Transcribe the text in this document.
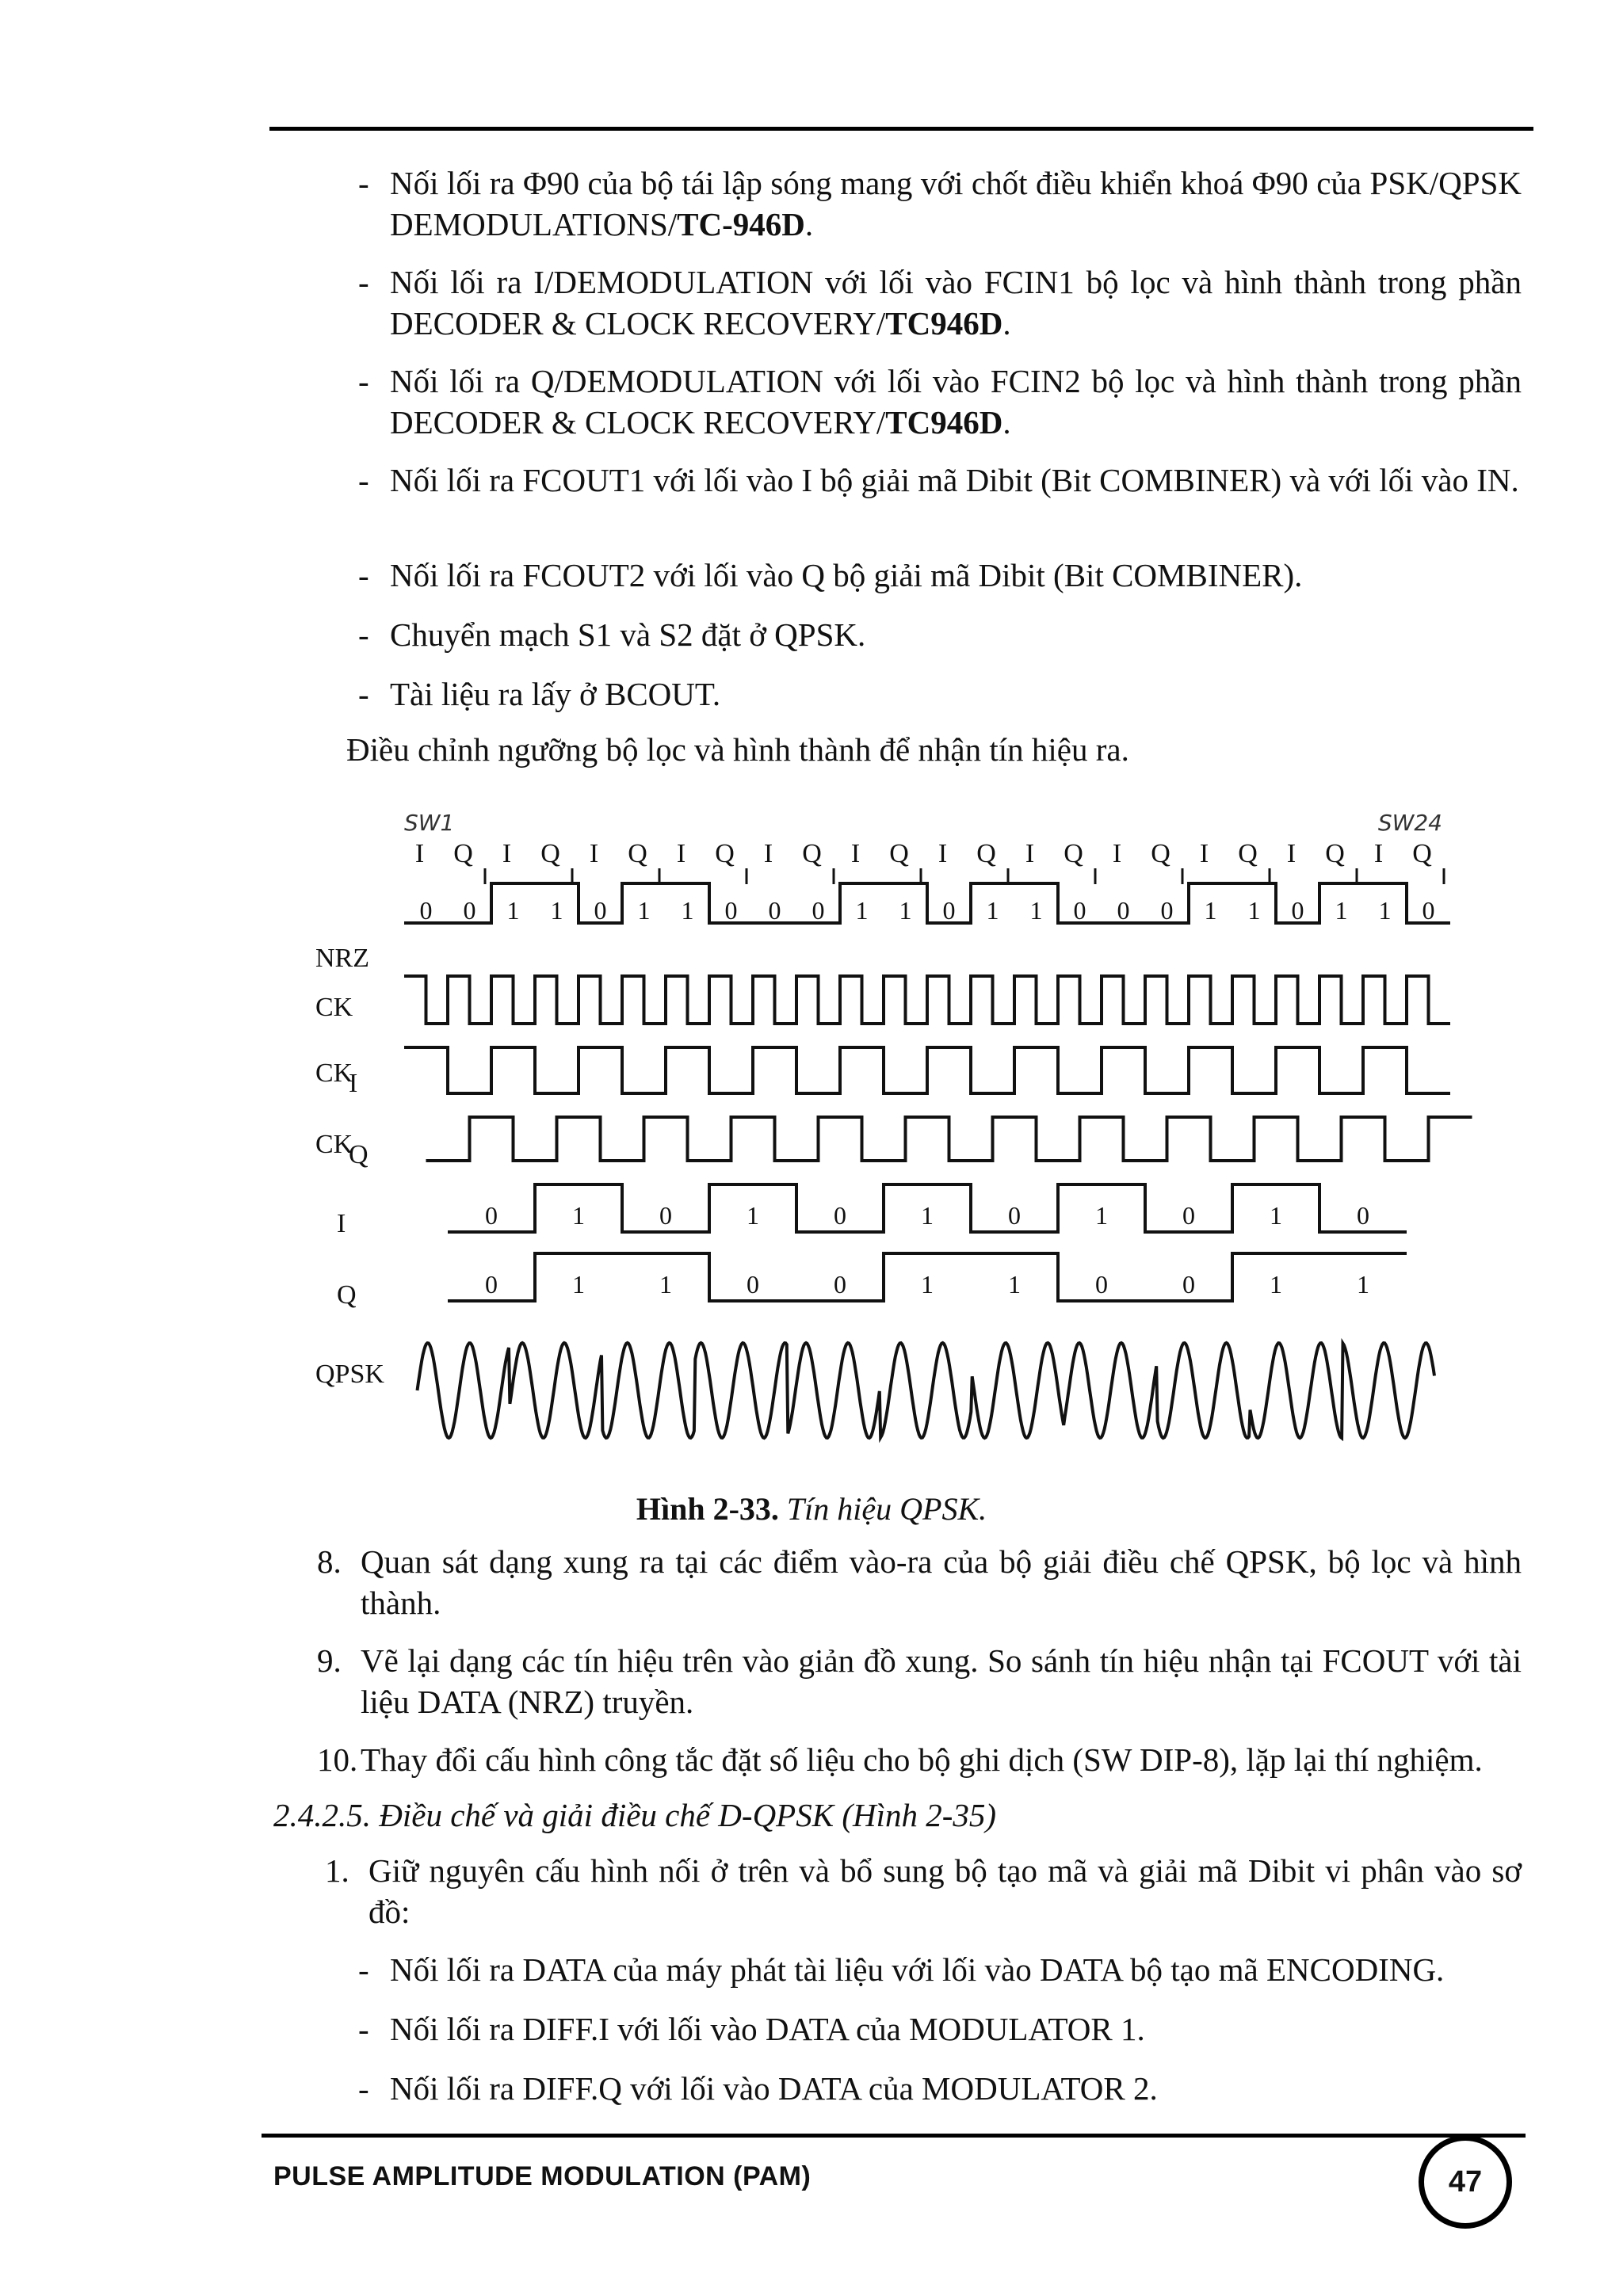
- Nối lối ra Φ90 của bộ tái lập sóng mang với chốt điều khiển khoá Φ90 của PSK/QPSK DEMODULATIONS/TC-946D.
- Nối lối ra I/DEMODULATION với lối vào FCIN1 bộ lọc và hình thành trong phần DECODER & CLOCK RECOVERY/TC946D.
- Nối lối ra Q/DEMODULATION với lối vào FCIN2 bộ lọc và hình thành trong phần DECODER & CLOCK RECOVERY/TC946D.
- Nối lối ra FCOUT1 với lối vào I bộ giải mã Dibit (Bit COMBINER) và với lối vào IN.
- Nối lối ra FCOUT2 với lối vào Q bộ giải mã Dibit (Bit COMBINER).
- Chuyển mạch S1 và S2 đặt ở QPSK.
- Tài liệu ra lấy ở BCOUT.
Điều chỉnh ngưỡng bộ lọc và hình thành để nhận tín hiệu ra.
NRZ
CK
CK
I
CK
Q
I
Q
QPSK
SW1	SW24
I Q I Q I Q I Q I Q I Q I Q I Q I Q I Q I Q I Q
0 0 1 1 0 1 1 0 0 0 1 1 0 1 1 0 0 0 1 1 0 1 1 0
0	1	0	1	0	1	0	1	0	1	0
0	1	1	0	0	1	1	0	0	1	1
Hình 2-33. Tín hiệu QPSK.
8. Quan sát dạng xung ra tại các điểm vào-ra của bộ giải điều chế QPSK, bộ lọc và hình thành.
9. Vẽ lại dạng các tín hiệu trên vào giản đồ xung. So sánh tín hiệu nhận tại FCOUT với tài liệu DATA (NRZ) truyền.
10. Thay đổi cấu hình công tắc đặt số liệu cho bộ ghi dịch (SW DIP-8), lặp lại thí nghiệm.
2.4.2.5. Điều chế và giải điều chế D-QPSK (Hình 2-35)
1. Giữ nguyên cấu hình nối ở trên và bổ sung bộ tạo mã và giải mã Dibit vi phân vào sơ đồ:
- Nối lối ra DATA của máy phát tài liệu với lối vào DATA bộ tạo mã ENCODING.
- Nối lối ra DIFF.I với lối vào DATA của MODULATOR 1.
- Nối lối ra DIFF.Q với lối vào DATA của MODULATOR 2.
PULSE AMPLITUDE MODULATION (PAM)	47
